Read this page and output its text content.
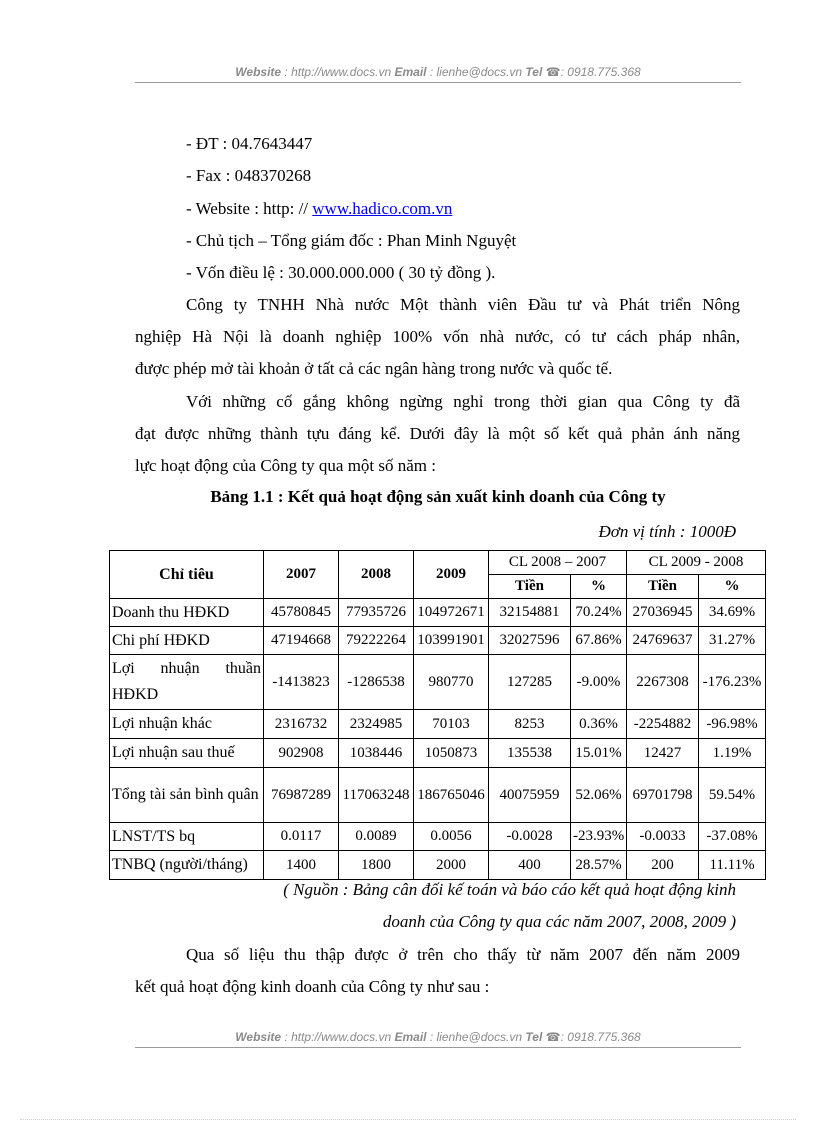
Website : http://www.docs.vn Email : lienhe@docs.vn Tel ☎: 0918.775.368
- ĐT : 04.7643447
- Fax : 048370268
- Website : http: // www.hadico.com.vn
- Chủ tịch – Tổng giám đốc : Phan Minh Nguyệt
- Vốn điều lệ : 30.000.000.000 ( 30 tỷ đồng ).
Công ty TNHH Nhà nước Một thành viên Đầu tư và Phát triển Nông
nghiệp Hà Nội là doanh nghiệp 100% vốn nhà nước, có tư cách pháp nhân,
được phép mở tài khoản ở tất cả các ngân hàng trong nước và quốc tế.
Với những cố gắng không ngừng nghỉ trong thời gian qua Công ty đã
đạt được những thành tựu đáng kể. Dưới đây là một số kết quả phản ánh năng
lực hoạt động của Công ty qua một số năm :
Bảng 1.1 : Kết quả hoạt động sản xuất kinh doanh của Công ty
Đơn vị tính : 1000Đ
Chỉ tiêu	2007	2008	2009	CL 2008 – 2007		CL 2009 - 2008	
				Tiền	%	Tiền	%
Doanh thu HĐKD	45780845	77935726	104972671	32154881	70.24%	27036945	34.69%
Chi phí HĐKD	47194668	79222264	103991901	32027596	67.86%	24769637	31.27%
Lợi nhuận thuần HĐKD	-1413823	-1286538	980770	127285	-9.00%	2267308	-176.23%
Lợi nhuận khác	2316732	2324985	70103	8253	0.36%	-2254882	-96.98%
Lợi nhuận sau thuế	902908	1038446	1050873	135538	15.01%	12427	1.19%
Tổng tài sản bình quân	76987289	117063248	186765046	40075959	52.06%	69701798	59.54%
LNST/TS bq	0.0117	0.0089	0.0056	-0.0028	-23.93%	-0.0033	-37.08%
TNBQ (người/tháng)	1400	1800	2000	400	28.57%	200	11.11%
( Nguồn : Bảng cân đối kế toán và báo cáo kết quả hoạt động kinh
doanh của Công ty qua các năm 2007, 2008, 2009 )
Qua số liệu thu thập được ở trên cho thấy từ năm 2007 đến năm 2009
kết quả hoạt động kinh doanh của Công ty như sau :
Website : http://www.docs.vn Email : lienhe@docs.vn Tel ☎: 0918.775.368
